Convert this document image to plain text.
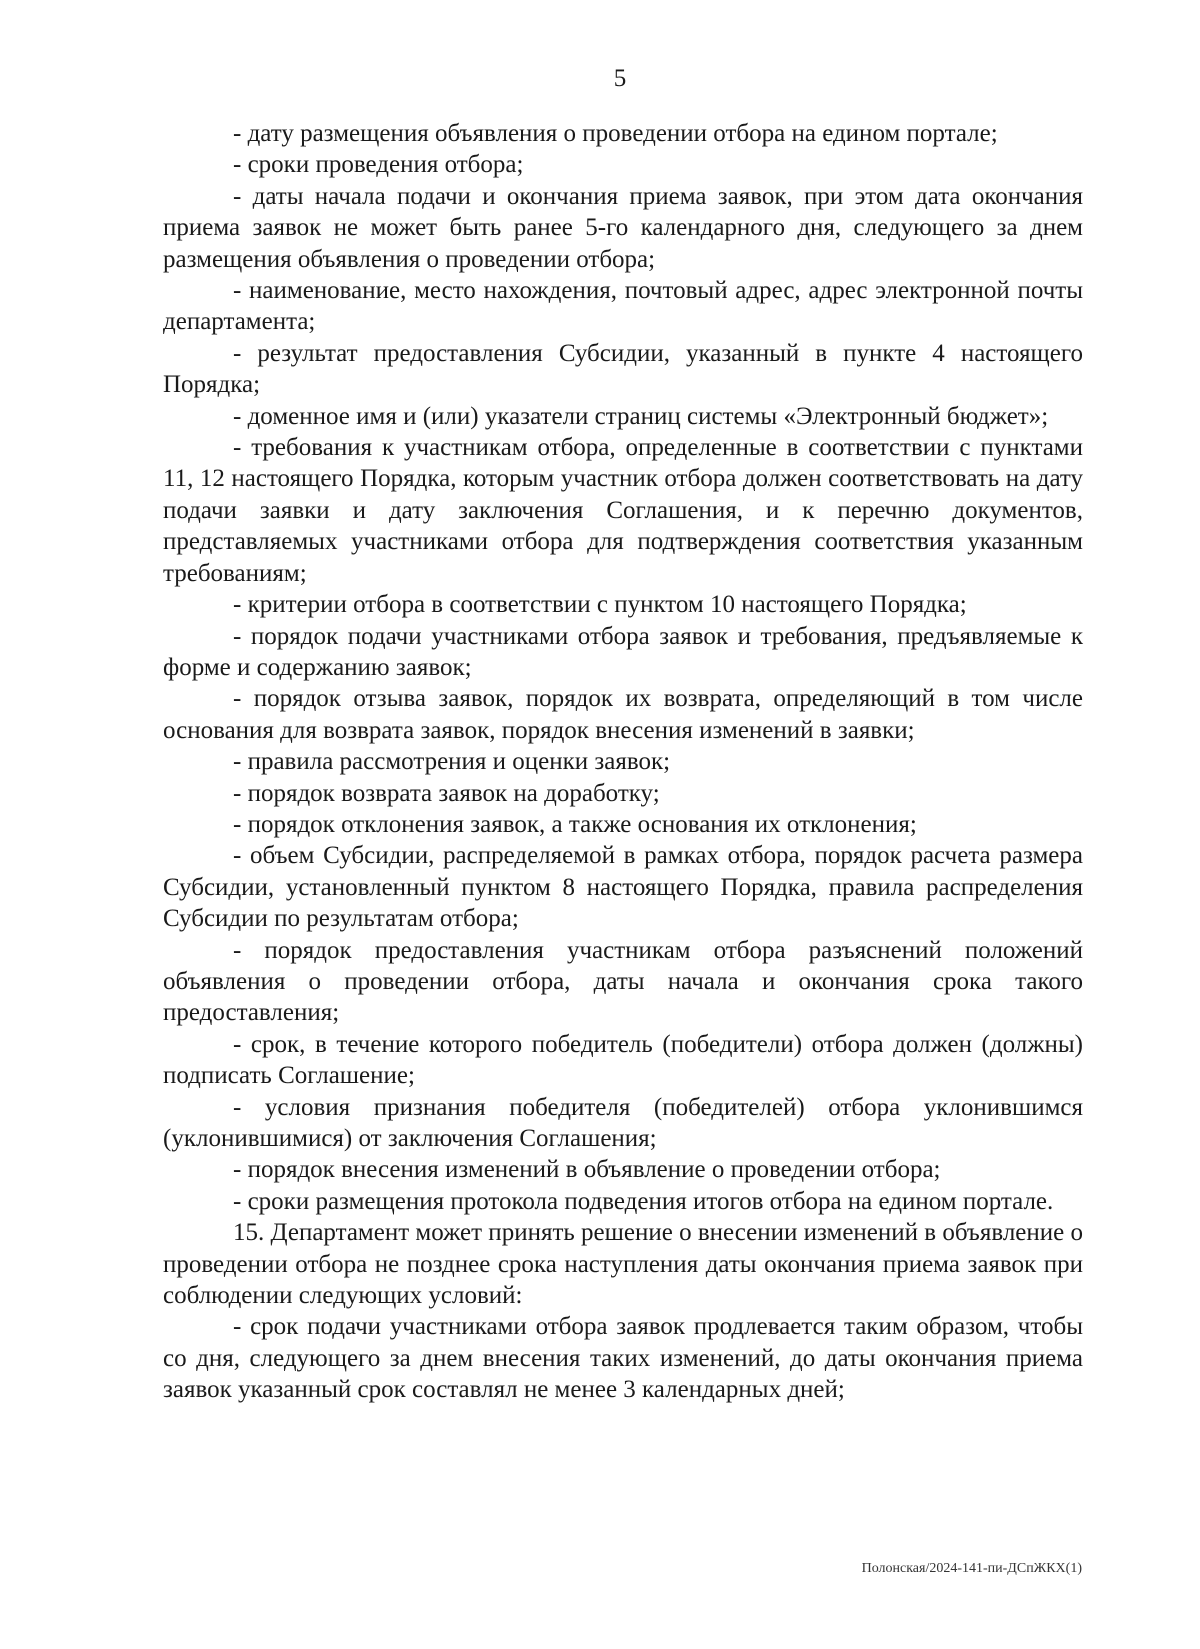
5

- дату размещения объявления о проведении отбора на едином портале;

- сроки проведения отбора;

- даты начала подачи и окончания приема заявок, при этом дата окончания приема заявок не может быть ранее 5-го календарного дня, следующего за днем размещения объявления о проведении отбора;

- наименование, место нахождения, почтовый адрес, адрес электронной почты департамента;

- результат предоставления Субсидии, указанный в пункте 4 настоящего Порядка;

- доменное имя и (или) указатели страниц системы «Электронный бюджет»;

- требования к участникам отбора, определенные в соответствии с пунктами 11, 12 настоящего Порядка, которым участник отбора должен соответствовать на дату подачи заявки и дату заключения Соглашения, и к перечню документов, представляемых участниками отбора для подтверждения соответствия указанным требованиям;

- критерии отбора в соответствии с пунктом 10 настоящего Порядка;

- порядок подачи участниками отбора заявок и требования, предъявляемые к форме и содержанию заявок;

- порядок отзыва заявок, порядок их возврата, определяющий в том числе основания для возврата заявок, порядок внесения изменений в заявки;

- правила рассмотрения и оценки заявок;

- порядок возврата заявок на доработку;

- порядок отклонения заявок, а также основания их отклонения;

- объем Субсидии, распределяемой в рамках отбора, порядок расчета размера Субсидии, установленный пунктом 8 настоящего Порядка, правила распределения Субсидии по результатам отбора;

- порядок предоставления участникам отбора разъяснений положений объявления о проведении отбора, даты начала и окончания срока такого предоставления;

- срок, в течение которого победитель (победители) отбора должен (должны) подписать Соглашение;

- условия признания победителя (победителей) отбора уклонившимся (уклонившимися) от заключения Соглашения;

- порядок внесения изменений в объявление о проведении отбора;

- сроки размещения протокола подведения итогов отбора на едином портале.

15. Департамент может принять решение о внесении изменений в объявление о проведении отбора не позднее срока наступления даты окончания приема заявок при соблюдении следующих условий:

- срок подачи участниками отбора заявок продлевается таким образом, чтобы со дня, следующего за днем внесения таких изменений, до даты окончания приема заявок указанный срок составлял не менее 3 календарных дней;

Полонская/2024-141-пи-ДСпЖКХ(1)
